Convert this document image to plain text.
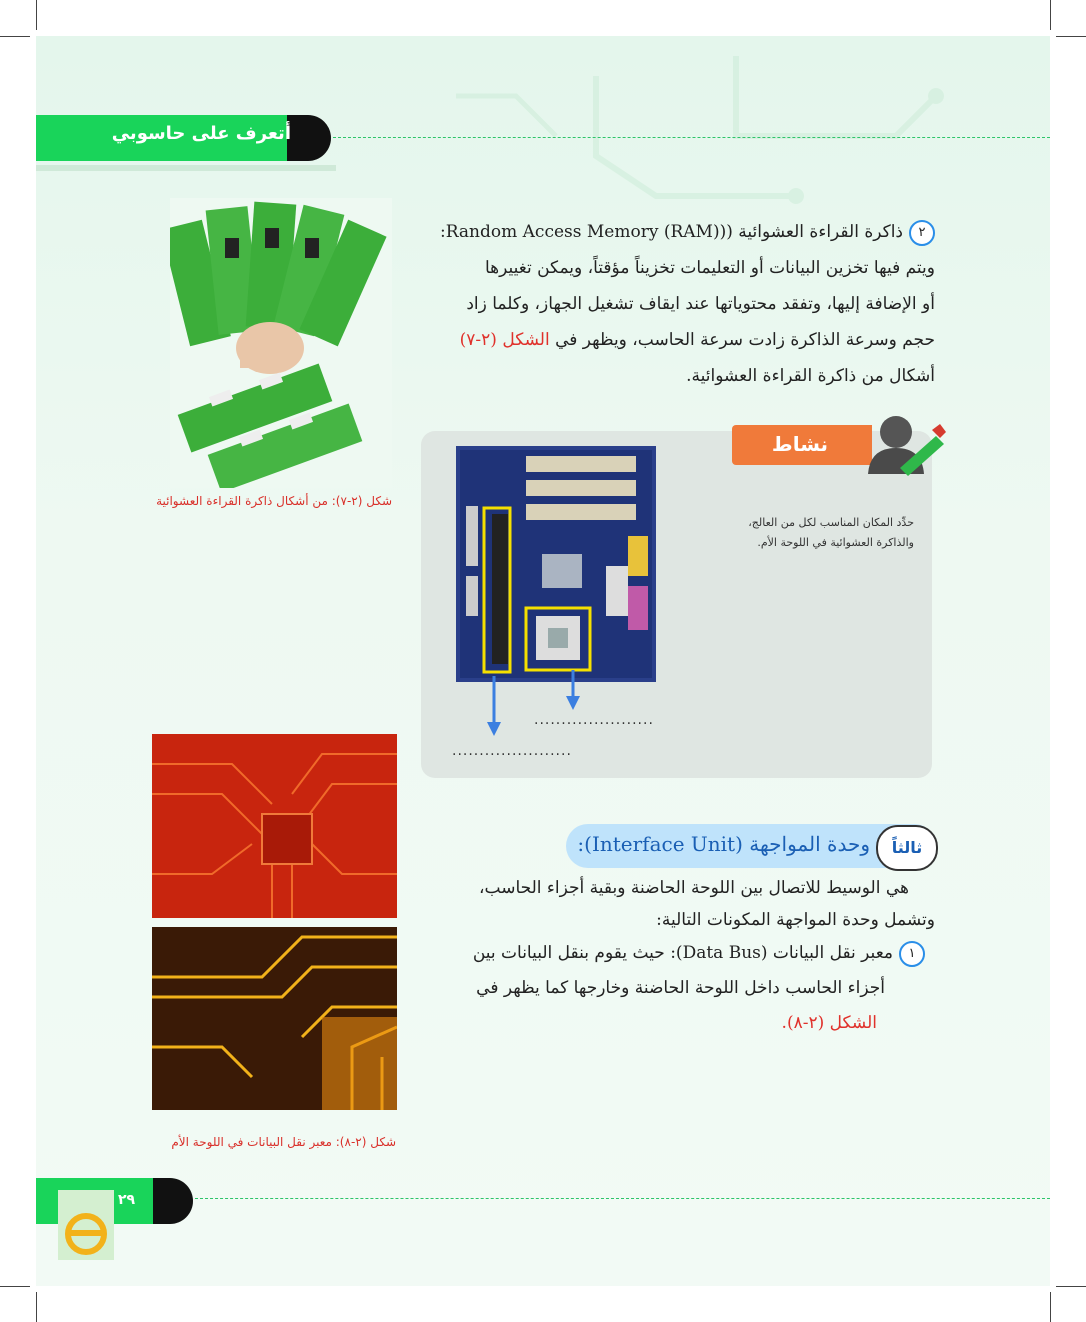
أتعرف على حاسوبي
شكل (٢-٧): من أشكال ذاكرة القراءة العشوائية
٢ذاكرة القراءة العشوائية ((Random Access Memory (RAM):
ويتم فيها تخزين البيانات أو التعليمات تخزيناً مؤقتاً، ويمكن تغييرها
أو الإضافة إليها، وتفقد محتوياتها عند ايقاف تشغيل الجهاز، وكلما زاد
حجم وسرعة الذاكرة زادت سرعة الحاسب، ويظهر في الشكل (٢-٧)
أشكال من ذاكرة القراءة العشوائية.
نشاط
حدِّد المكان المناسب لكل من العالج،
والذاكرة العشوائية في اللوحة الأم.
......................
......................
شكل (٢-٨): معبر نقل البيانات في اللوحة الأم
وحدة المواجهة (Interface Unit):	ثالثاً
هي الوسيط للاتصال بين اللوحة الحاضنة وبقية أجزاء الحاسب،
وتشمل وحدة المواجهة المكونات التالية:
١معبر نقل البيانات (Data Bus): حيث يقوم بنقل البيانات بين
أجزاء الحاسب داخل اللوحة الحاضنة وخارجها كما يظهر في
الشكل (٢-٨).
٢٩
